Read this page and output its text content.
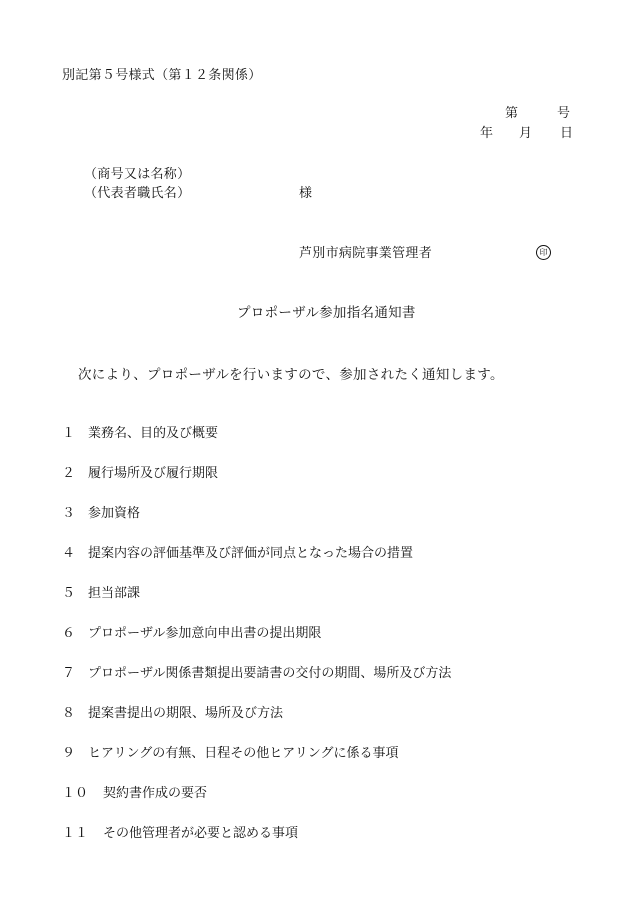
別記第５号様式（第１２条関係）
第	号
年 月 日
（商号又は名称）
（代表者職氏名）	様
芦別市病院事業管理者	印
プロポーザル参加指名通知書
次により、プロポーザルを行いますので、参加されたく通知します。
１ 業務名、目的及び概要
２ 履行場所及び履行期限
３ 参加資格
４ 提案内容の評価基準及び評価が同点となった場合の措置
５ 担当部課
６ プロポーザル参加意向申出書の提出期限
７ プロポーザル関係書類提出要請書の交付の期間、場所及び方法
８ 提案書提出の期限、場所及び方法
９ ヒアリングの有無、日程その他ヒアリングに係る事項
１０ 契約書作成の要否
１１ その他管理者が必要と認める事項
